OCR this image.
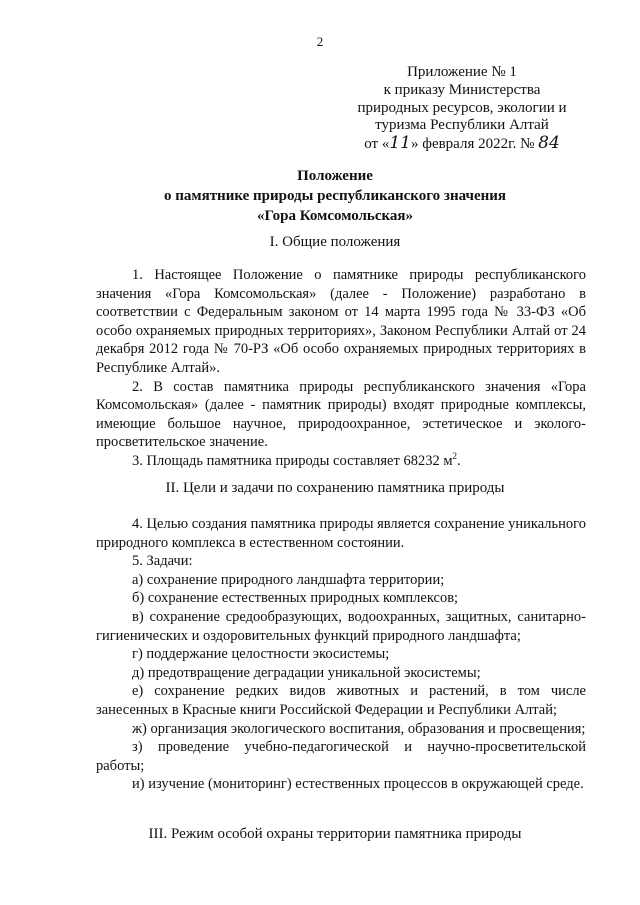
2
Приложение № 1
к приказу Министерства
природных ресурсов, экологии и
туризма Республики Алтай
от «11» февраля 2022г. № 84
Положение
о памятнике природы республиканского значения
«Гора Комсомольская»
I. Общие положения

1. Настоящее Положение о памятнике природы республиканского значения «Гора Комсомольская» (далее - Положение) разработано в соответствии с Федеральным законом от 14 марта 1995 года № 33-ФЗ «Об особо охраняемых природных территориях», Законом Республики Алтай от 24 декабря 2012 года № 70-РЗ «Об особо охраняемых природных территориях в Республике Алтай».

2. В состав памятника природы республиканского значения «Гора Комсомольская» (далее - памятник природы) входят природные комплексы, имеющие большое научное, природоохранное, эстетическое и эколого-просветительское значение.

3. Площадь памятника природы составляет 68232 $м^2$.

II. Цели и задачи по сохранению памятника природы

4. Целью создания памятника природы является сохранение уникального природного комплекса в естественном состоянии.

5. Задачи:

а) сохранение природного ландшафта территории;

б) сохранение естественных природных комплексов;

в) сохранение средообразующих, водоохранных, защитных, санитарно-гигиенических и оздоровительных функций природного ландшафта;

г) поддержание целостности экосистемы;

д) предотвращение деградации уникальной экосистемы;

е) сохранение редких видов животных и растений, в том числе занесенных в Красные книги Российской Федерации и Республики Алтай;

ж) организация экологического воспитания, образования и просвещения;

з) проведение учебно-педагогической и научно-просветительской работы;

и) изучение (мониторинг) естественных процессов в окружающей среде.

III. Режим особой охраны территории памятника природы
